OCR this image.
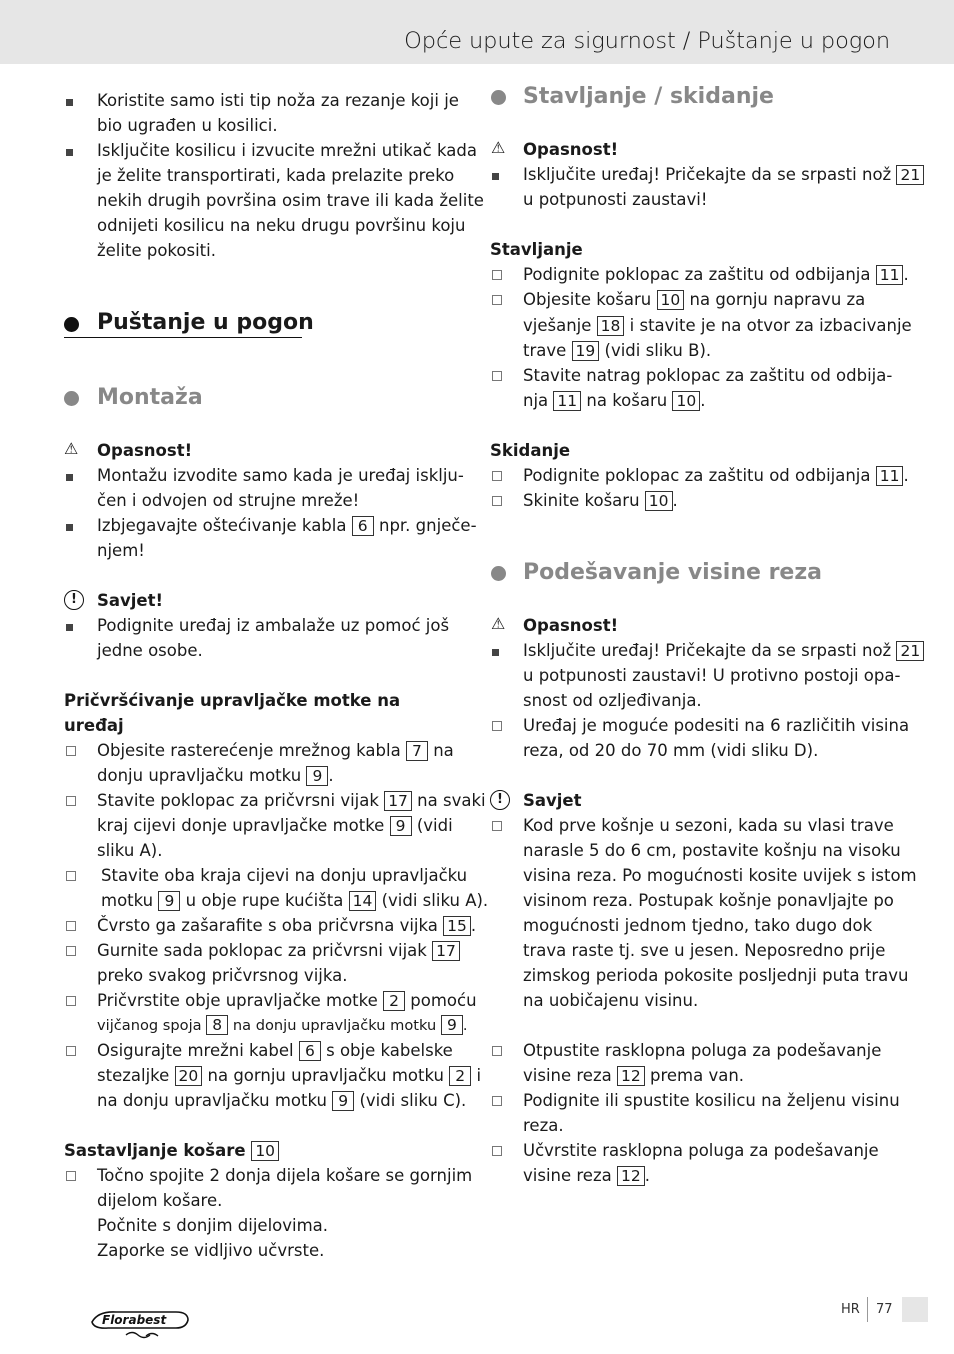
Opće upute za sigurnost / Puštanje u pogon
Koristite samo isti tip noža za rezanje koji je
bio ugrađen u kosilici.
Isključite kosilicu i izvucite mrežni utikač kada
je želite transportirati, kada prelazite preko
nekih drugih površina osim trave ili kada želite
odnijeti kosilicu na neku drugu površinu koju
želite pokositi.
Puštanje u pogon
Montaža
⚠ Opasnost!
Montažu izvodite samo kada je uređaj isklju-
čen i odvojen od strujne mreže!
Izbjegavajte oštećivanje kabla 6 npr. gnječe-
njem!
!	Savjet!
Podignite uređaj iz ambalaže uz pomoć još
jedne osobe.
Pričvršćivanje upravljačke motke na
uređaj
Objesite rasterećenje mrežnog kabla 7 na
donju upravljačku motku 9 .
Stavite poklopac za pričvrsni vijak 17 na svaki
kraj cijevi donje upravljačke motke 9 (vidi
sliku A).
Stavite oba kraja cijevi na donju upravljačku
motku 9 u obje rupe kućišta 14 (vidi sliku A).
Čvrsto ga zašarafite s oba pričvrsna vijka 15 .
Gurnite sada poklopac za pričvrsni vijak 17
preko svakog pričvrsnog vijka.
Pričvrstite obje upravljačke motke 2 pomoću
vijčanog spoja 8 na donju upravljačku motku 9 .
Osigurajte mrežni kabel 6 s obje kabelske
stezaljke 20 na gornju upravljačku motku 2 i
na donju upravljačku motku 9 (vidi sliku C).
Sastavljanje košare 10
Točno spojite 2 donja dijela košare se gornjim
dijelom košare.
Počnite s donjim dijelovima.
Zaporke se vidljivo učvrste.
Stavljanje / skidanje
⚠ Opasnost!
Isključite uređaj! Pričekajte da se srpasti nož 21
u potpunosti zaustavi!
Stavljanje
Podignite poklopac za zaštitu od odbijanja 11 .
Objesite košaru 10 na gornju napravu za
vješanje 18 i stavite je na otvor za izbacivanje
trave 19 (vidi sliku B).
Stavite natrag poklopac za zaštitu od odbija-
nja 11 na košaru 10 .
Skidanje
Podignite poklopac za zaštitu od odbijanja 11 .
Skinite košaru 10 .
Podešavanje visine reza
⚠ Opasnost!
Isključite uređaj! Pričekajte da se srpasti nož 21
u potpunosti zaustavi! U protivno postoji opa-
snost od ozljeđivanja.
Uređaj je moguće podesiti na 6 različitih visina
reza, od 20 do 70 mm (vidi sliku D).
!	Savjet
Kod prve košnje u sezoni, kada su vlasi trave
narasle 5 do 6 cm, postavite košnju na visoku
visina reza. Po mogućnosti kosite uvijek s istom
visinom reza. Postupak košnje ponavljajte po
mogućnosti jednom tjedno, tako dugo dok
trava raste tj. sve u jesen. Neposredno prije
zimskog perioda pokosite posljednji puta travu
na uobičajenu visinu.
Otpustite rasklopna poluga za podešavanje
visine reza 12 prema van.
Podignite ili spustite kosilicu na željenu visinu
reza.
Učvrstite rasklopna poluga za podešavanje
visine reza 12 .
Florabest
HR 77
